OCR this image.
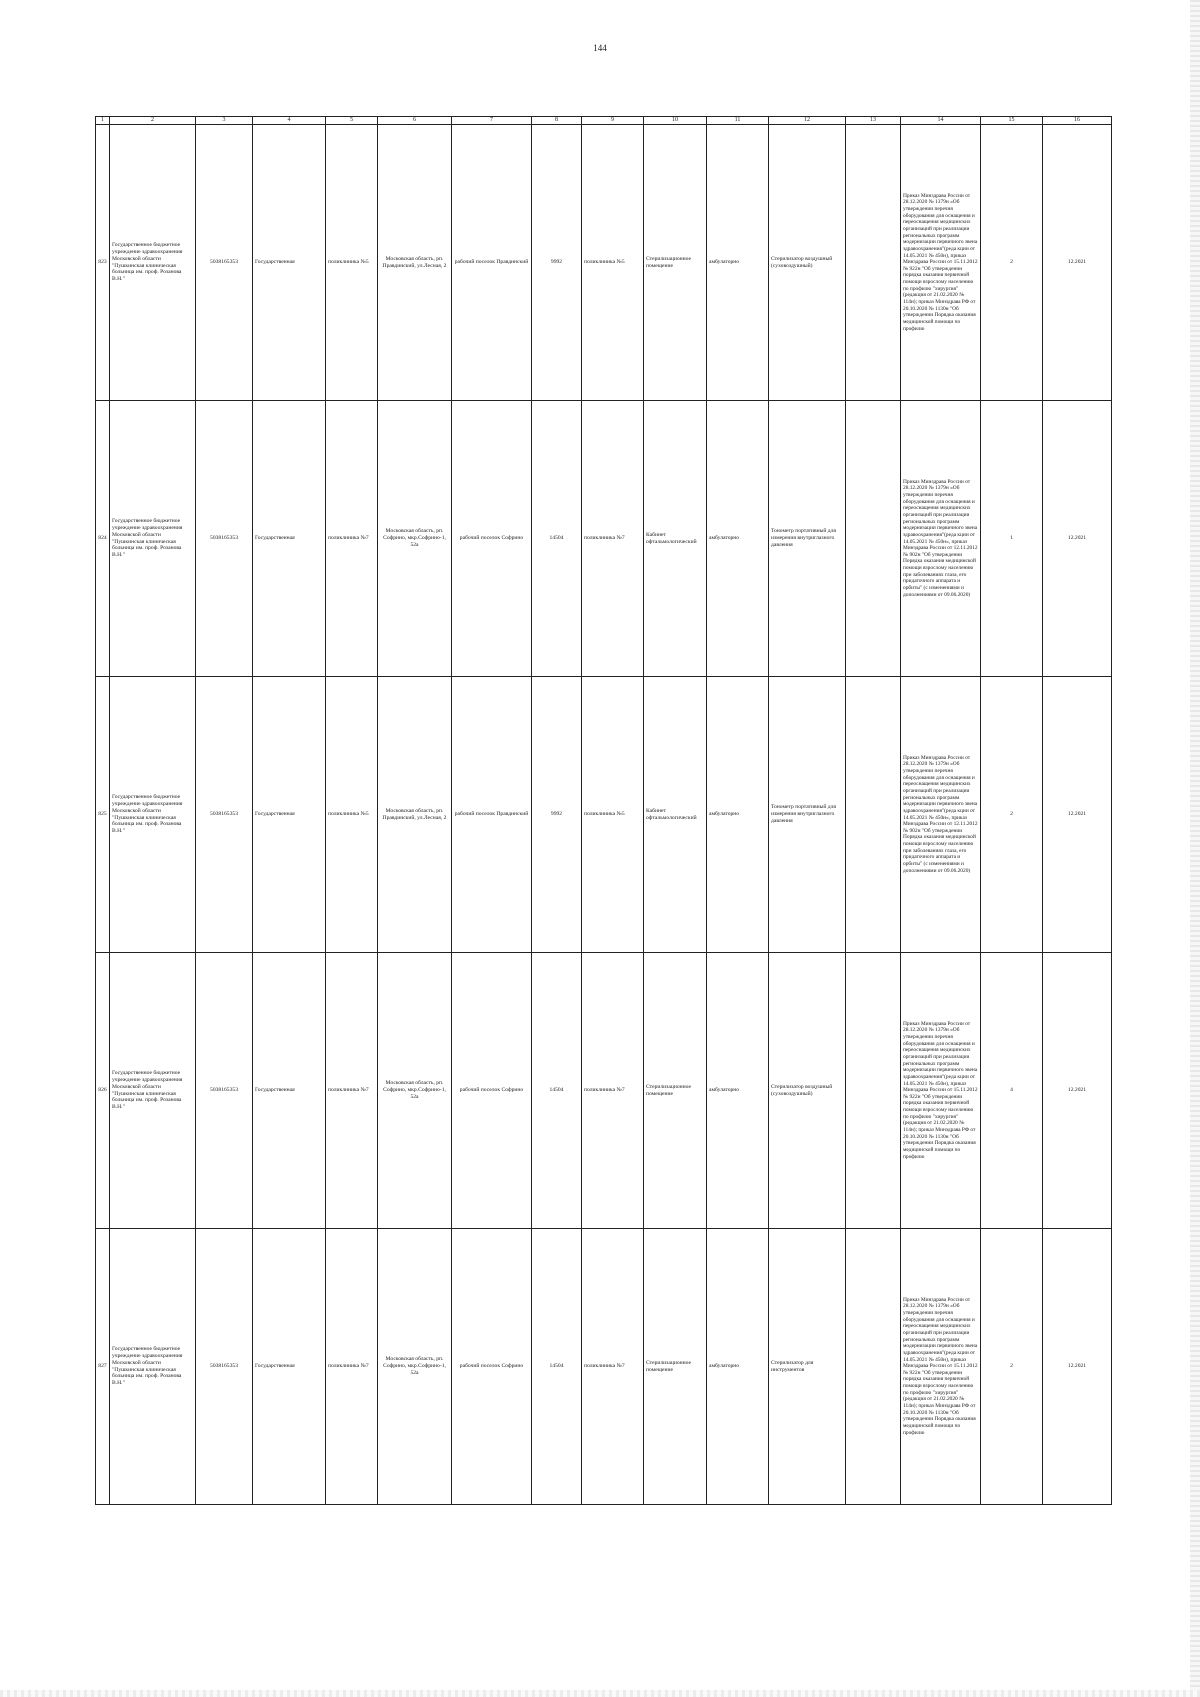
144
1	2	3	4	5	6	7	8	9	10	11	12	13	14	15	16
823	Государственное бюджетное учреждение здравоохранения Московской области "Пушкинская клиническая больница им. проф. Розанова В.Н."	5038165353	Государственная	поликлиника №5	Московская область, рп. Правдинский, ул.Лесная, 2	рабочий поселок Правдинский	9992	поликлиника №5	Стерилизационное помещение	амбулаторно	Стерилизатор воздушный (суховоздушный)		Приказ Минздрава России от 28.12.2020 № 1379н «Об утверждении перечня оборудования для оснащения и переоснащения медицинских организаций при реализации региональных программ модернизации первичного звена здравоохранения"(реда кции от 14.05.2021 № 450н), приказ Минздрава России от 15.11.2012 № 922н "Об утверждении порядка оказания первичной помощи взрослому населению по профилю "хирургия" (редакция от 21.02.2020 № 114н); приказ Минздрава РФ от 20.10.2020 № 1130н "Об утверждении Порядка оказания медицинской помощи по профилю	2	12.2021
824	Государственное бюджетное учреждение здравоохранения Московской области "Пушкинская клиническая больница им. проф. Розанова В.Н."	5038165353	Государственная	поликлиника №7	Московская область, рп. Софрино, мкр.Софрино-1, 52а	рабочий поселок Софрино	14504	поликлиника №7	Кабинет офтальмологический	амбулаторно	Тонометр портативный для измерения внутриглазного давления		Приказ Минздрава России от 28.12.2020 № 1379н «Об утверждении перечня оборудования для оснащения и переоснащения медицинских организаций при реализации региональных программ модернизации первичного звена здравоохранения"(реда кции от 14.05.2021 № 450н», приказ Минздрава России от 12.11.2012 № 902н "Об утверждении Порядка оказания медицинской помощи взрослому населению при заболеваниях глаза, его придаточного аппарата и орбиты" (с изменениями и дополнениями от 09.06.2020)	1	12.2021
825	Государственное бюджетное учреждение здравоохранения Московской области "Пушкинская клиническая больница им. проф. Розанова В.Н."	5038165353	Государственная	поликлиника №5	Московская область, рп. Правдинский, ул.Лесная, 2	рабочий поселок Правдинский	9992	поликлиника №5	Кабинет офтальмологический	амбулаторно	Тонометр портативный для измерения внутриглазного давления		Приказ Минздрава России от 28.12.2020 № 1379н «Об утверждении перечня оборудования для оснащения и переоснащения медицинских организаций при реализации региональных программ модернизации первичного звена здравоохранения"(реда кции от 14.05.2021 № 450н», приказ Минздрава России от 12.11.2012 № 902н "Об утверждении Порядка оказания медицинской помощи взрослому населению при заболеваниях глаза, его придаточного аппарата и орбиты" (с изменениями и дополнениями от 09.06.2020)	2	12.2021
826	Государственное бюджетное учреждение здравоохранения Московской области "Пушкинская клиническая больница им. проф. Розанова В.Н."	5038165353	Государственная	поликлиника №7	Московская область, рп. Софрино, мкр.Софрино-1, 52а	рабочий поселок Софрино	14504	поликлиника №7	Стерилизационное помещение	амбулаторно	Стерилизатор воздушный (суховоздушный)		Приказ Минздрава России от 28.12.2020 № 1379н «Об утверждении перечня оборудования для оснащения и переоснащения медицинских организаций при реализации региональных программ модернизации первичного звена здравоохранения"(реда кции от 14.05.2021 № 450н), приказ Минздрава России от 15.11.2012 № 922н "Об утверждении порядка оказания первичной помощи взрослому населению по профилю "хирургия" (редакция от 21.02.2020 № 114н); приказ Минздрава РФ от 20.10.2020 № 1130н "Об утверждении Порядка оказания медицинской помощи по профилю	4	12.2021
827	Государственное бюджетное учреждение здравоохранения Московской области "Пушкинская клиническая больница им. проф. Розанова В.Н."	5038165353	Государственная	поликлиника №7	Московская область, рп. Софрино, мкр.Софрино-1, 52а	рабочий поселок Софрино	14504	поликлиника №7	Стерилизационное помещение	амбулаторно	Стерилизатор для инструментов		Приказ Минздрава России от 28.12.2020 № 1379н «Об утверждении перечня оборудования для оснащения и переоснащения медицинских организаций при реализации региональных программ модернизации первичного звена здравоохранения"(реда кции от 14.05.2021 № 450н), приказ Минздрава России от 15.11.2012 № 922н "Об утверждении порядка оказания первичной помощи взрослому населению по профилю "хирургия" (редакция от 21.02.2020 № 114н); приказ Минздрава РФ от 20.10.2020 № 1130н "Об утверждении Порядка оказания медицинской помощи по профилю	2	12.2021
